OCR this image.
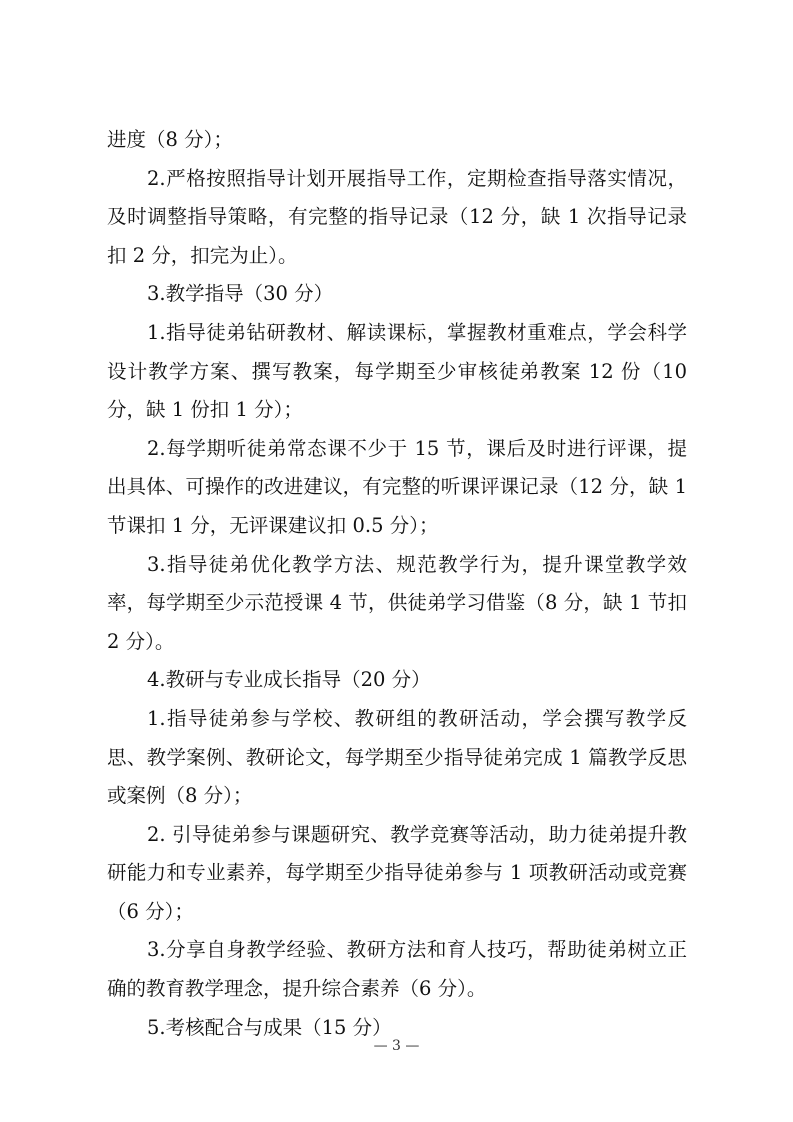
进度（8 分）；

2.严格按照指导计划开展指导工作，定期检查指导落实情况，及时调整指导策略，有完整的指导记录（12 分，缺 1 次指导记录扣 2 分，扣完为止）。

3.教学指导（30 分）

1.指导徒弟钻研教材、解读课标，掌握教材重难点，学会科学设计教学方案、撰写教案，每学期至少审核徒弟教案 12 份（10 分，缺 1 份扣 1 分）；

2.每学期听徒弟常态课不少于 15 节，课后及时进行评课，提出具体、可操作的改进建议，有完整的听课评课记录（12 分，缺 1 节课扣 1 分，无评课建议扣 0.5 分）；

3.指导徒弟优化教学方法、规范教学行为，提升课堂教学效率，每学期至少示范授课 4 节，供徒弟学习借鉴（8 分，缺 1 节扣 2 分）。

4.教研与专业成长指导（20 分）

1.指导徒弟参与学校、教研组的教研活动，学会撰写教学反思、教学案例、教研论文，每学期至少指导徒弟完成 1 篇教学反思或案例（8 分）；

2. 引导徒弟参与课题研究、教学竞赛等活动，助力徒弟提升教研能力和专业素养，每学期至少指导徒弟参与 1 项教研活动或竞赛（6 分）；

3.分享自身教学经验、教研方法和育人技巧，帮助徒弟树立正确的教育教学理念，提升综合素养（6 分）。

5.考核配合与成果（15 分）

— 3 —
